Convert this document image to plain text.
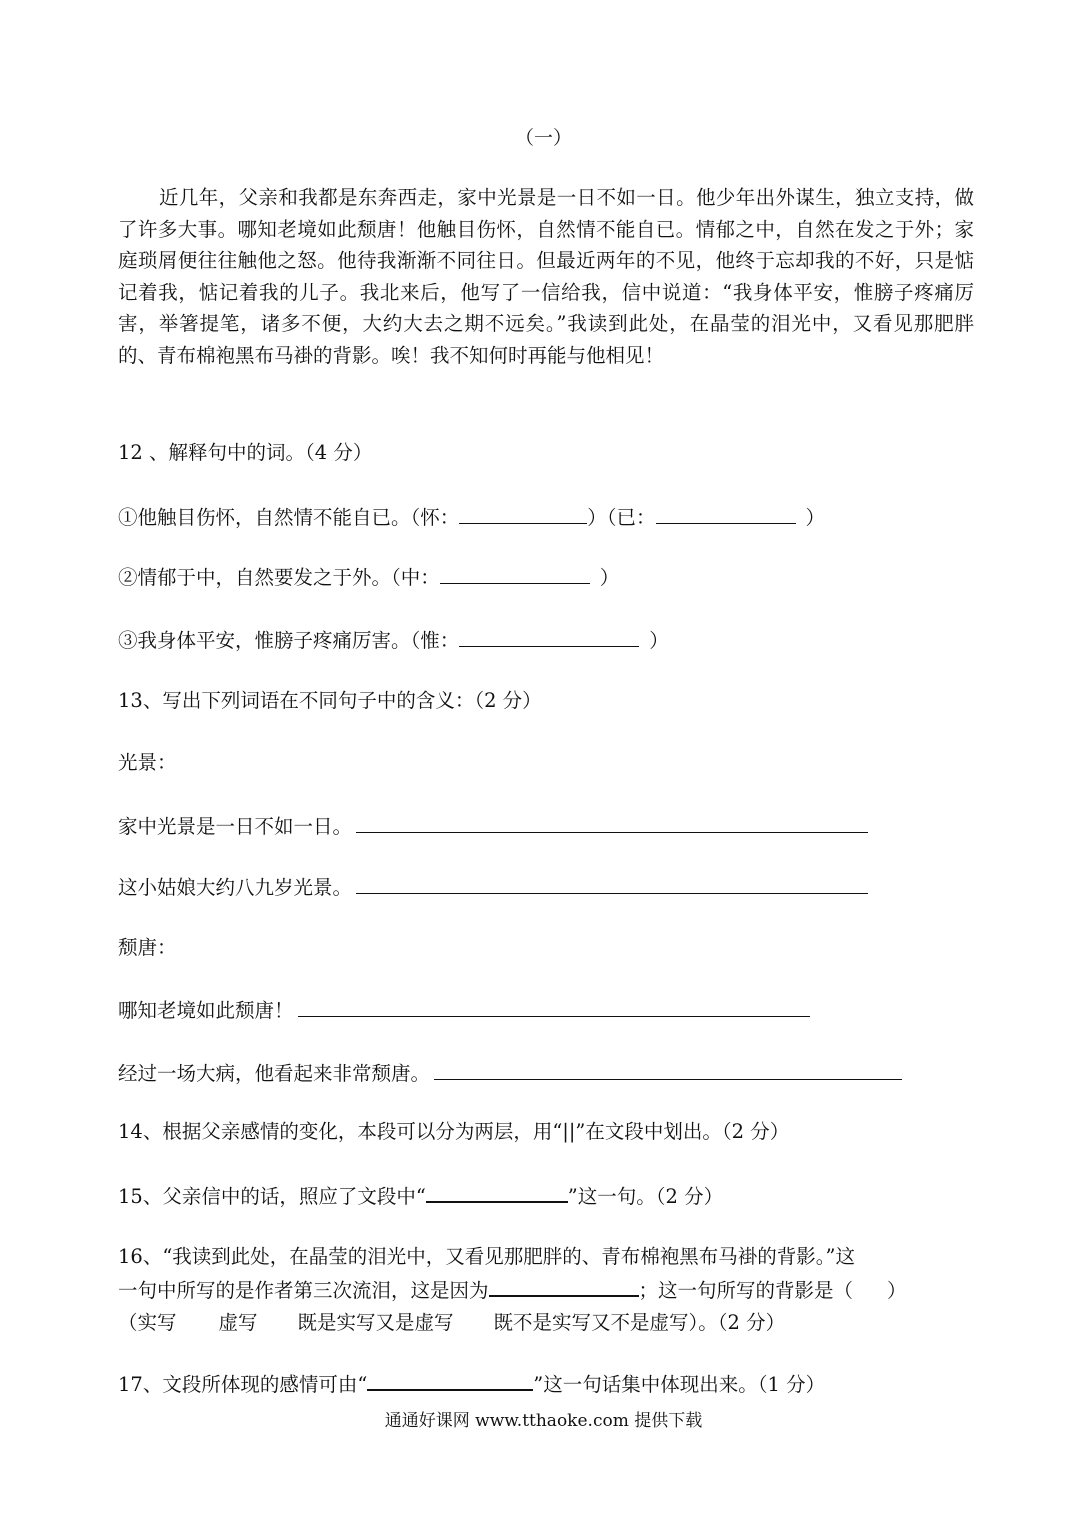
（一）
近几年，父亲和我都是东奔西走，家中光景是一日不如一日。他少年出外谋生，独立支持，做了许多大事。哪知老境如此颓唐！他触目伤怀，自然情不能自已。情郁之中，自然在发之于外；家庭琐屑便往往触他之怒。他待我渐渐不同往日。但最近两年的不见，他终于忘却我的不好，只是惦记着我，惦记着我的儿子。我北来后，他写了一信给我，信中说道：“我身体平安，惟膀子疼痛厉害，举箸提笔，诸多不便，大约大去之期不远矣。”我读到此处，在晶莹的泪光中，又看见那肥胖的、青布棉袍黑布马褂的背影。唉！我不知何时再能与他相见！
12 、解释句中的词。（4 分）
①他触目伤怀，自然情不能自已。（怀：	）（已：	）
②情郁于中，自然要发之于外。（中：	）
③我身体平安，惟膀子疼痛厉害。（惟：	）
13、写出下列词语在不同句子中的含义：（2 分）
光景：
家中光景是一日不如一日。
这小姑娘大约八九岁光景。
颓唐：
哪知老境如此颓唐！
经过一场大病，他看起来非常颓唐。
14、根据父亲感情的变化，本段可以分为两层，用“||”在文段中划出。（2 分）
15、父亲信中的话，照应了文段中“	”这一句。（2 分）
16、“我读到此处，在晶莹的泪光中，又看见那肥胖的、青布棉袍黑布马褂的背影。”这
一句中所写的是作者第三次流泪，这是因为	；这一句所写的背影是（ ）
（实写 虚写 既是实写又是虚写 既不是实写又不是虚写）。（2 分）
17、文段所体现的感情可由“	”这一句话集中体现出来。（1 分）
通通好课网 www.tthaoke.com 提供下载
